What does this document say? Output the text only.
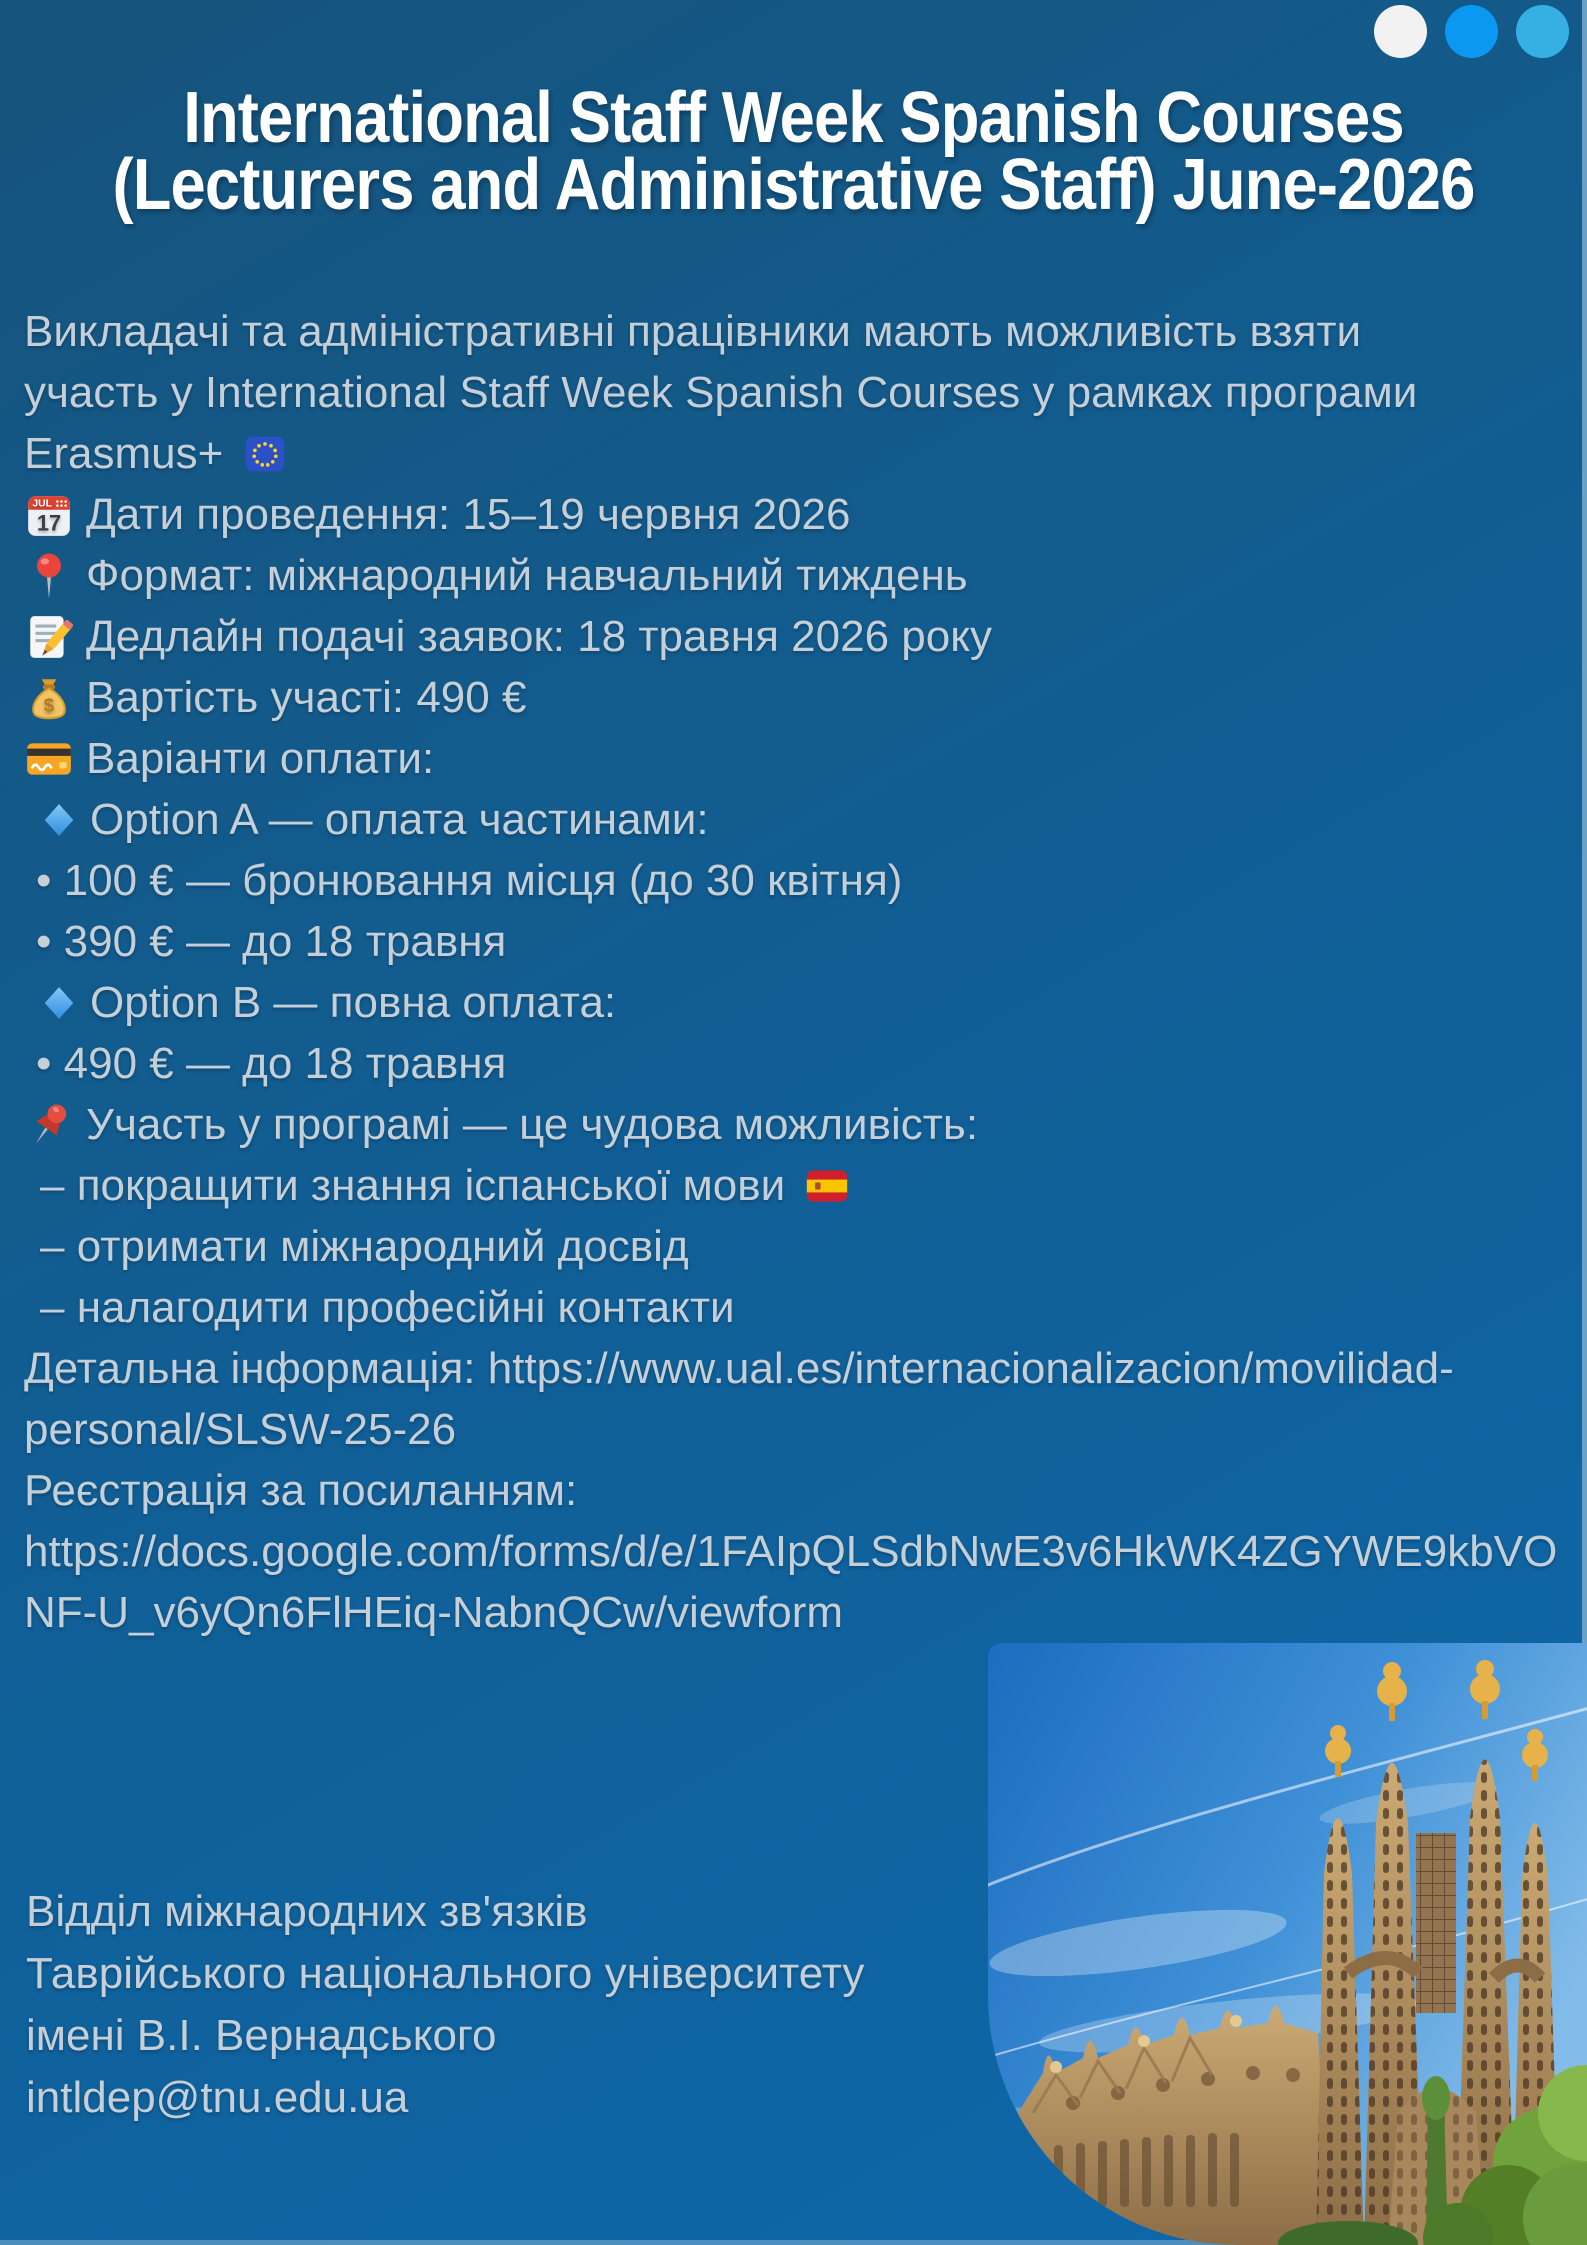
International Staff Week Spanish Courses
(Lecturers and Administrative Staff) June-2026
Викладачі та адміністративні працівники мають можливість взяти
участь у International Staff Week Spanish Courses у рамках програми
Erasmus+
JUL
17 Дати проведення: 15–19 червня 2026
Формат: міжнародний навчальний тиждень
Дедлайн подачі заявок: 18 травня 2026 року
$ Вартість участі: 490 €
Варіанти оплати:
Option A — оплата частинами:
• 100 € — бронювання місця (до 30 квітня)
• 390 € — до 18 травня
Option B — повна оплата:
• 490 € — до 18 травня
Участь у програмі — це чудова можливість:
– покращити знання іспанської мови
– отримати міжнародний досвід
– налагодити професійні контакти
Детальна інформація: https://www.ual.es/internacionalizacion/movilidad-
personal/SLSW-25-26
Реєстрація за посиланням:
https://docs.google.com/forms/d/e/1FAIpQLSdbNwE3v6HkWK4ZGYWE9kbVO
NF-U_v6yQn6FlHEiq-NabnQCw/viewform
Відділ міжнародних зв'язків
Таврійського національного університету
імені В.І. Вернадського
intldep@tnu.edu.ua
